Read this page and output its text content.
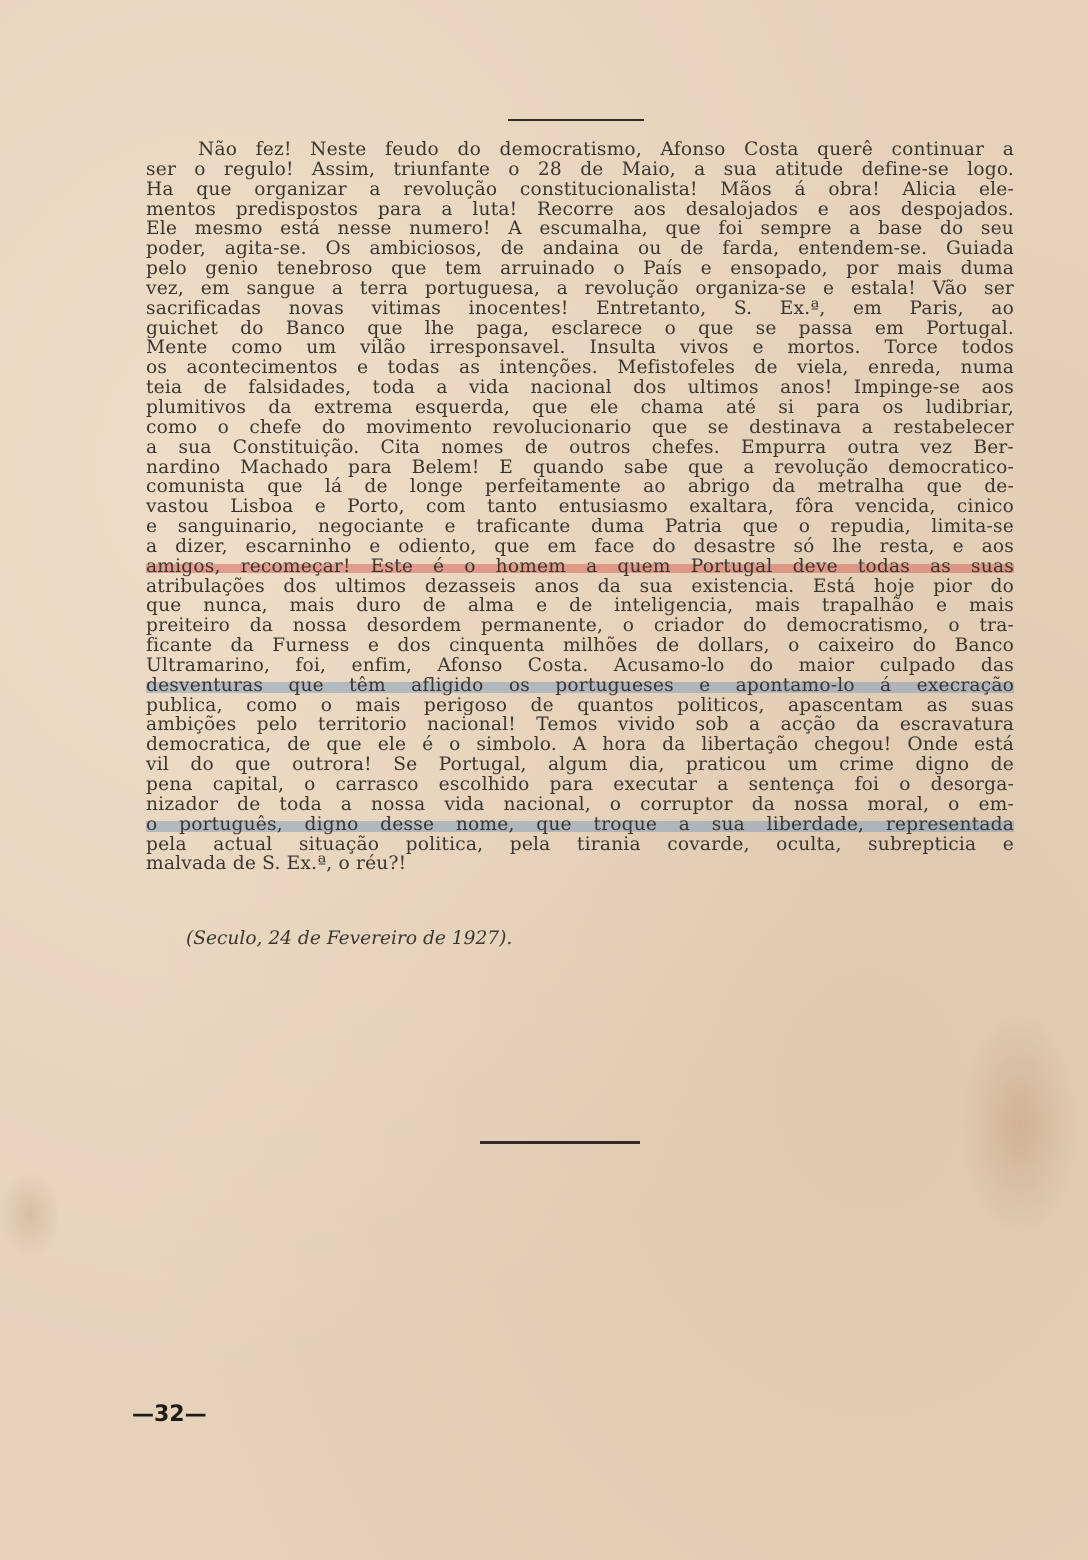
Não fez! Neste feudo do democratismo, Afonso Costa querê continuar a
ser o regulo! Assim, triunfante o 28 de Maio, a sua atitude define-se logo.
Ha que organizar a revolução constitucionalista! Mãos á obra! Alicia ele-
mentos predispostos para a luta! Recorre aos desalojados e aos despojados.
Ele mesmo está nesse numero! A escumalha, que foi sempre a base do seu
poder, agita-se. Os ambiciosos, de andaina ou de farda, entendem-se. Guiada
pelo genio tenebroso que tem arruinado o País e ensopado, por mais duma
vez, em sangue a terra portuguesa, a revolução organiza-se e estala! Vão ser
sacrificadas novas vitimas inocentes! Entretanto, S. Ex.ª, em Paris, ao
guichet do Banco que lhe paga, esclarece o que se passa em Portugal.
Mente como um vilão irresponsavel. Insulta vivos e mortos. Torce todos
os acontecimentos e todas as intenções. Mefistofeles de viela, enreda, numa
teia de falsidades, toda a vida nacional dos ultimos anos! Impinge-se aos
plumitivos da extrema esquerda, que ele chama até si para os ludibriar,
como o chefe do movimento revolucionario que se destinava a restabelecer
a sua Constituição. Cita nomes de outros chefes. Empurra outra vez Ber-
nardino Machado para Belem! E quando sabe que a revolução democratico-
comunista que lá de longe perfeitamente ao abrigo da metralha que de-
vastou Lisboa e Porto, com tanto entusiasmo exaltara, fôra vencida, cinico
e sanguinario, negociante e traficante duma Patria que o repudia, limita-se
a dizer, escarninho e odiento, que em face do desastre só lhe resta, e aos
amigos, recomeçar! Este é o homem a quem Portugal deve todas as suas
atribulações dos ultimos dezasseis anos da sua existencia. Está hoje pior do
que nunca, mais duro de alma e de inteligencia, mais trapalhão e mais
preiteiro da nossa desordem permanente, o criador do democratismo, o tra-
ficante da Furness e dos cinquenta milhões de dollars, o caixeiro do Banco
Ultramarino, foi, enfim, Afonso Costa. Acusamo-lo do maior culpado das
desventuras que têm afligido os portugueses e apontamo-lo á execração
publica, como o mais perigoso de quantos politicos, apascentam as suas
ambições pelo territorio nacional! Temos vivido sob a acção da escravatura
democratica, de que ele é o simbolo. A hora da libertação chegou! Onde está
vil do que outrora! Se Portugal, algum dia, praticou um crime digno de
pena capital, o carrasco escolhido para executar a sentença foi o desorga-
nizador de toda a nossa vida nacional, o corruptor da nossa moral, o em-
o português, digno desse nome, que troque a sua liberdade, representada
pela actual situação politica, pela tirania covarde, oculta, subrepticia e
malvada de S. Ex.ª, o réu?!

(Seculo, 24 de Fevereiro de 1927).
—32—
